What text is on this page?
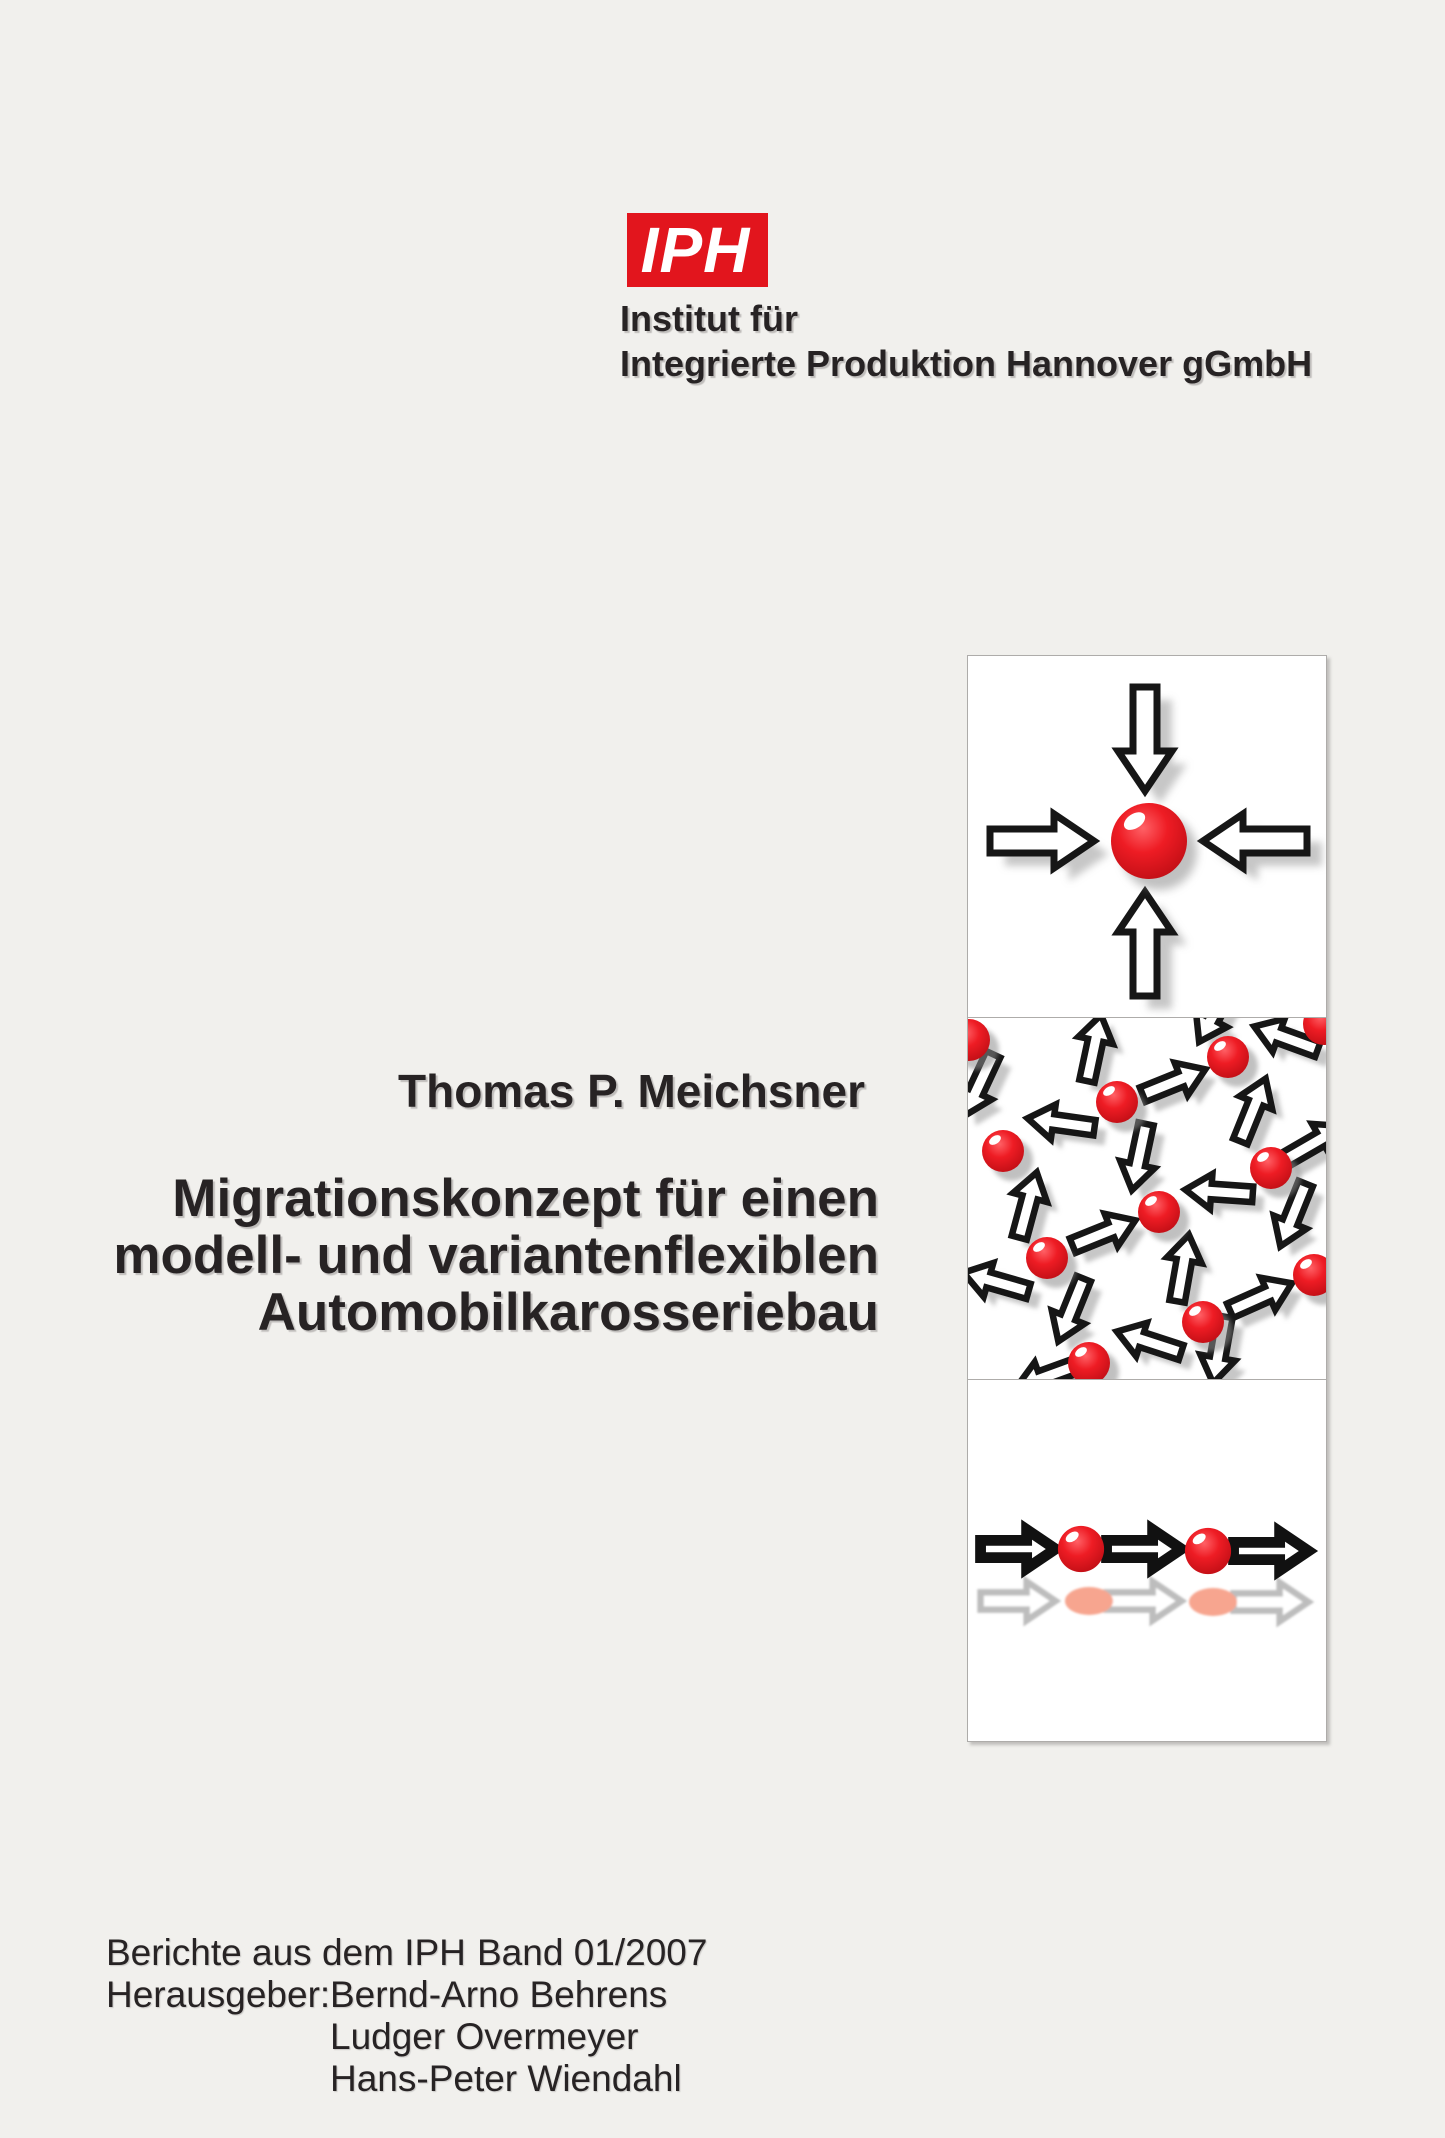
IPH
Institut für
Integrierte Produktion Hannover gGmbH
Thomas P. Meichsner
Migrationskonzept für einen
modell- und variantenflexiblen
Automobilkarosseriebau
Berichte aus dem IPH Band 01/2007
Herausgeber: Bernd-Arno Behrens
Ludger Overmeyer
Hans-Peter Wiendahl
